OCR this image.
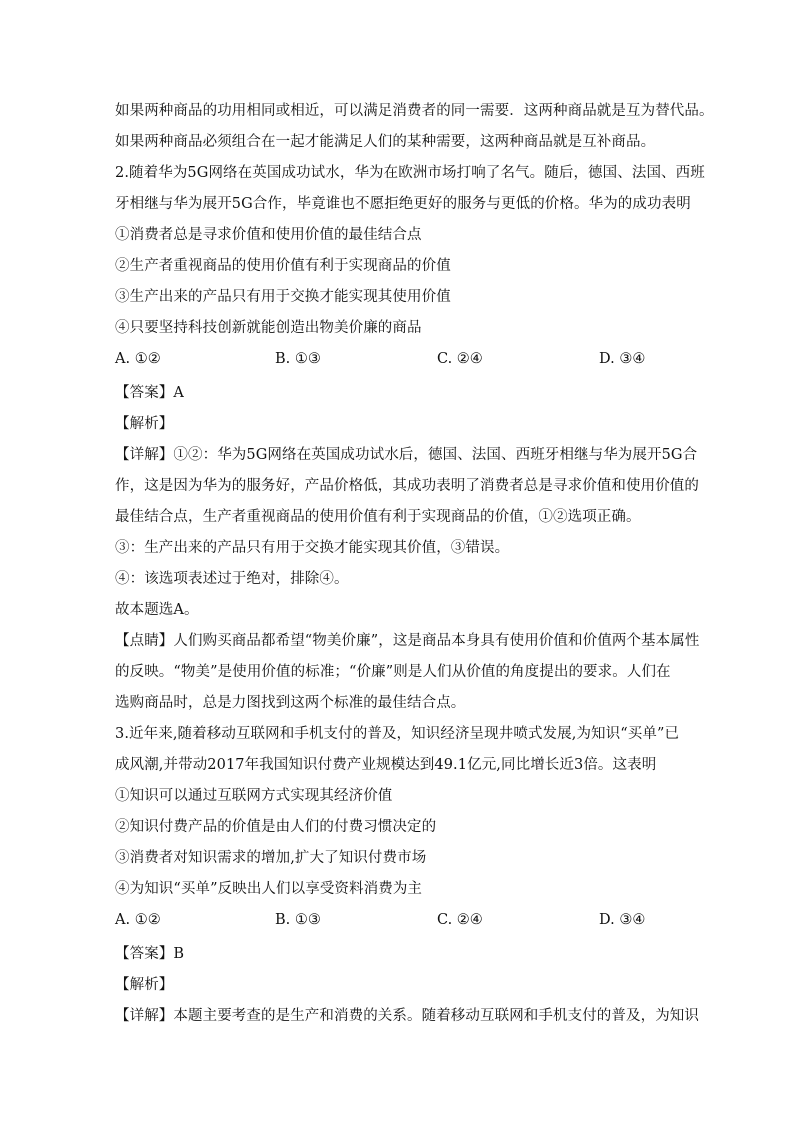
如果两种商品的功用相同或相近，可以满足消费者的同一需要．这两种商品就是互为替代品。
如果两种商品必须组合在一起才能满足人们的某种需要，这两种商品就是互补商品。
2.随着华为5G网络在英国成功试水，华为在欧洲市场打响了名气。随后，德国、法国、西班
牙相继与华为展开5G合作，毕竟谁也不愿拒绝更好的服务与更低的价格。华为的成功表明
①消费者总是寻求价值和使用价值的最佳结合点
②生产者重视商品的使用价值有利于实现商品的价值
③生产出来的产品只有用于交换才能实现其使用价值
④只要坚持科技创新就能创造出物美价廉的商品
A. ①②	B. ①③	C. ②④	D. ③④
【答案】A
【解析】
【详解】①②：华为5G网络在英国成功试水后，德国、法国、西班牙相继与华为展开5G合
作，这是因为华为的服务好，产品价格低，其成功表明了消费者总是寻求价值和使用价值的
最佳结合点，生产者重视商品的使用价值有利于实现商品的价值，①②选项正确。
③：生产出来的产品只有用于交换才能实现其价值，③错误。
④：该选项表述过于绝对，排除④。
故本题选A。
【点睛】人们购买商品都希望“物美价廉”，这是商品本身具有使用价值和价值两个基本属性
的反映。“物美”是使用价值的标准；“价廉”则是人们从价值的角度提出的要求。人们在
选购商品时，总是力图找到这两个标准的最佳结合点。
3.近年来,随着移动互联网和手机支付的普及，知识经济呈现井喷式发展,为知识“买单”已
成风潮,并带动2017年我国知识付费产业规模达到49.1亿元,同比增长近3倍。这表明
①知识可以通过互联网方式实现其经济价值
②知识付费产品的价值是由人们的付费习惯决定的
③消费者对知识需求的增加,扩大了知识付费市场
④为知识“买单”反映出人们以享受资料消费为主
A. ①②	B. ①③	C. ②④	D. ③④
【答案】B
【解析】
【详解】本题主要考查的是生产和消费的关系。随着移动互联网和手机支付的普及，为知识
